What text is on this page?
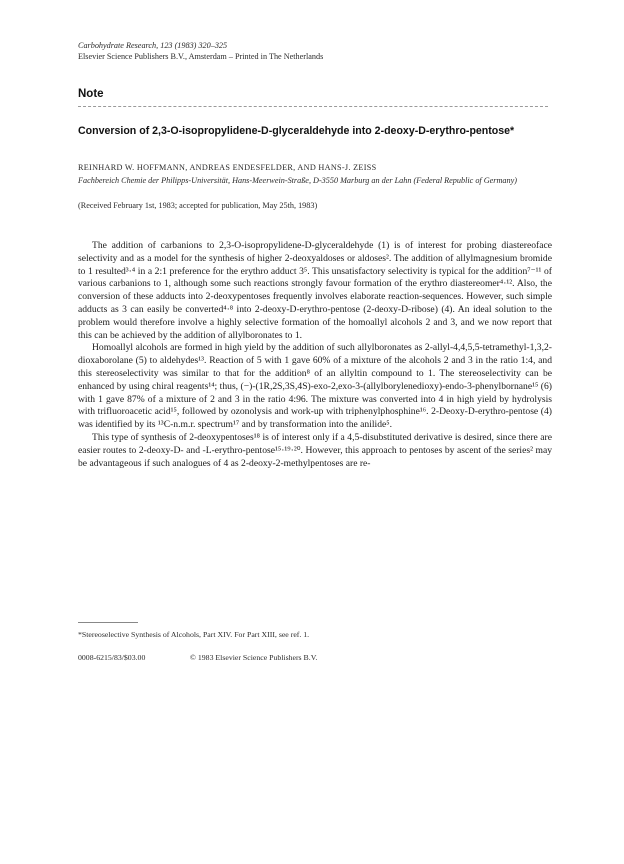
Carbohydrate Research, 123 (1983) 320–325
Elsevier Science Publishers B.V., Amsterdam – Printed in The Netherlands
Note
Conversion of 2,3-O-isopropylidene-D-glyceraldehyde into 2-deoxy-D-erythro-pentose*
REINHARD W. HOFFMANN, ANDREAS ENDESFELDER, AND HANS-J. ZEISS
Fachbereich Chemie der Philipps-Universität, Hans-Meerwein-Straße, D-3550 Marburg an der Lahn (Federal Republic of Germany)
(Received February 1st, 1983; accepted for publication, May 25th, 1983)

The addition of carbanions to 2,3-O-isopropylidene-D-glyceraldehyde (1) is of interest for probing diastereoface selectivity and as a model for the synthesis of higher 2-deoxyaldoses or aldoses². The addition of allylmagnesium bromide to 1 resulted³·⁴ in a 2:1 preference for the erythro adduct 3⁵. This unsatisfactory selectivity is typical for the addition⁷⁻¹¹ of various carbanions to 1, although some such reactions strongly favour formation of the erythro diastereomer⁴·¹². Also, the conversion of these adducts into 2-deoxypentoses frequently involves elaborate reaction-sequences. However, such simple adducts as 3 can easily be converted⁴·⁸ into 2-deoxy-D-erythro-pentose (2-deoxy-D-ribose) (4). An ideal solution to the problem would therefore involve a highly selective formation of the homoallyl alcohols 2 and 3, and we now report that this can be achieved by the addition of allylboronates to 1.

Homoallyl alcohols are formed in high yield by the addition of such allylboronates as 2-allyl-4,4,5,5-tetramethyl-1,3,2-dioxaborolane (5) to aldehydes¹³. Reaction of 5 with 1 gave 60% of a mixture of the alcohols 2 and 3 in the ratio 1:4, and this stereoselectivity was similar to that for the addition⁸ of an allyltin compound to 1. The stereoselectivity can be enhanced by using chiral reagents¹⁴; thus, (−)-(1R,2S,3S,4S)-exo-2,exo-3-(allylborylenedioxy)-endo-3-phenylbornane¹⁵ (6) with 1 gave 87% of a mixture of 2 and 3 in the ratio 4:96. The mixture was converted into 4 in high yield by hydrolysis with trifluoroacetic acid¹⁵, followed by ozonolysis and work-up with triphenylphosphine¹⁶. 2-Deoxy-D-erythro-pentose (4) was identified by its ¹³C-n.m.r. spectrum¹⁷ and by transformation into the anilide⁵.

This type of synthesis of 2-deoxypentoses¹⁸ is of interest only if a 4,5-disubstituted derivative is desired, since there are easier routes to 2-deoxy-D- and -L-erythro-pentose¹⁵·¹⁹·²⁰. However, this approach to pentoses by ascent of the series² may be advantageous if such analogues of 4 as 2-deoxy-2-methylpentoses are re-

*Stereoselective Synthesis of Alcohols, Part XIV. For Part XIII, see ref. 1.
0008-6215/83/$03.00	© 1983 Elsevier Science Publishers B.V.
